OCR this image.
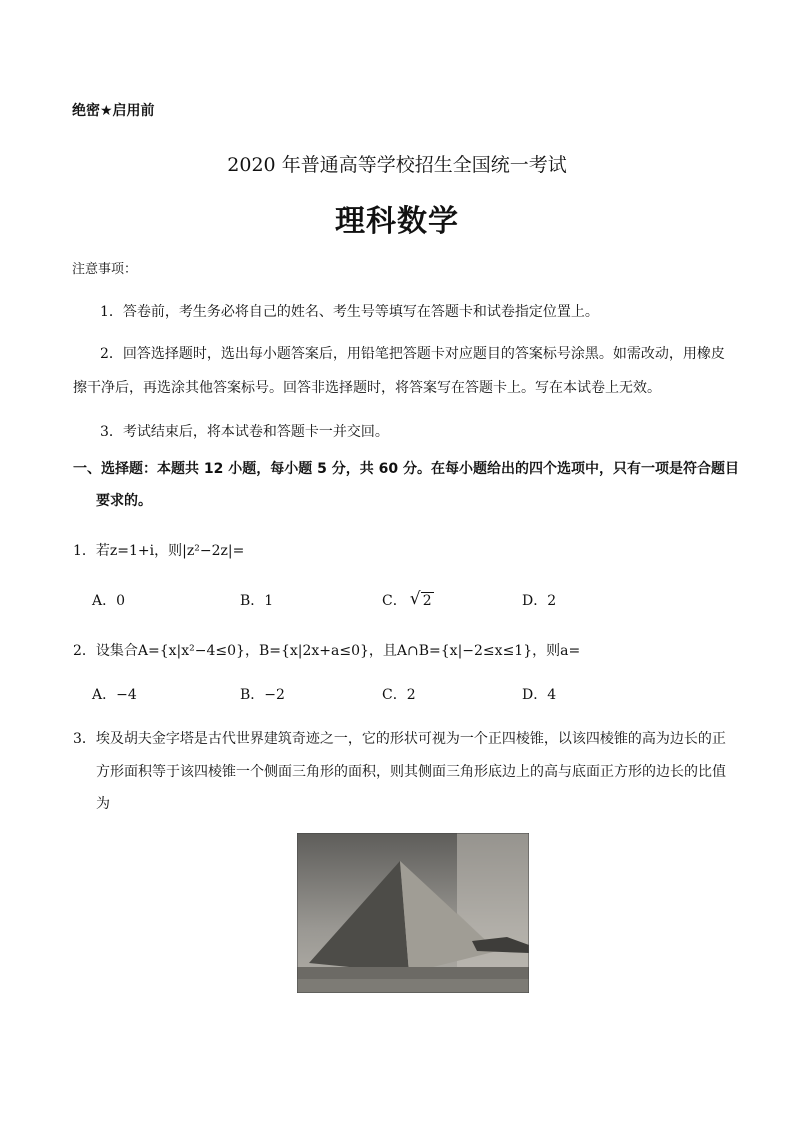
绝密★启用前
2020 年普通高等学校招生全国统一考试
理科数学
注意事项：
1．答卷前，考生务必将自己的姓名、考生号等填写在答题卡和试卷指定位置上。
2．回答选择题时，选出每小题答案后，用铅笔把答题卡对应题目的答案标号涂黑。如需改动，用橡皮
擦干净后，再选涂其他答案标号。回答非选择题时，将答案写在答题卡上。写在本试卷上无效。
3．考试结束后，将本试卷和答题卡一并交回。
一、选择题：本题共 12 小题，每小题 5 分，共 60 分。在每小题给出的四个选项中，只有一项是符合题目
要求的。
1．若z=1+i，则|z²−2z|=
A．0	B．1	C．√ 2	D．2
2．设集合A={x|x²−4≤0}，B={x|2x+a≤0}，且A∩B={x|−2≤x≤1}，则a=
A．−4	B．−2	C．2	D．4
3．埃及胡夫金字塔是古代世界建筑奇迹之一，它的形状可视为一个正四棱锥，以该四棱锥的高为边长的正
方形面积等于该四棱锥一个侧面三角形的面积，则其侧面三角形底边上的高与底面正方形的边长的比值
为
